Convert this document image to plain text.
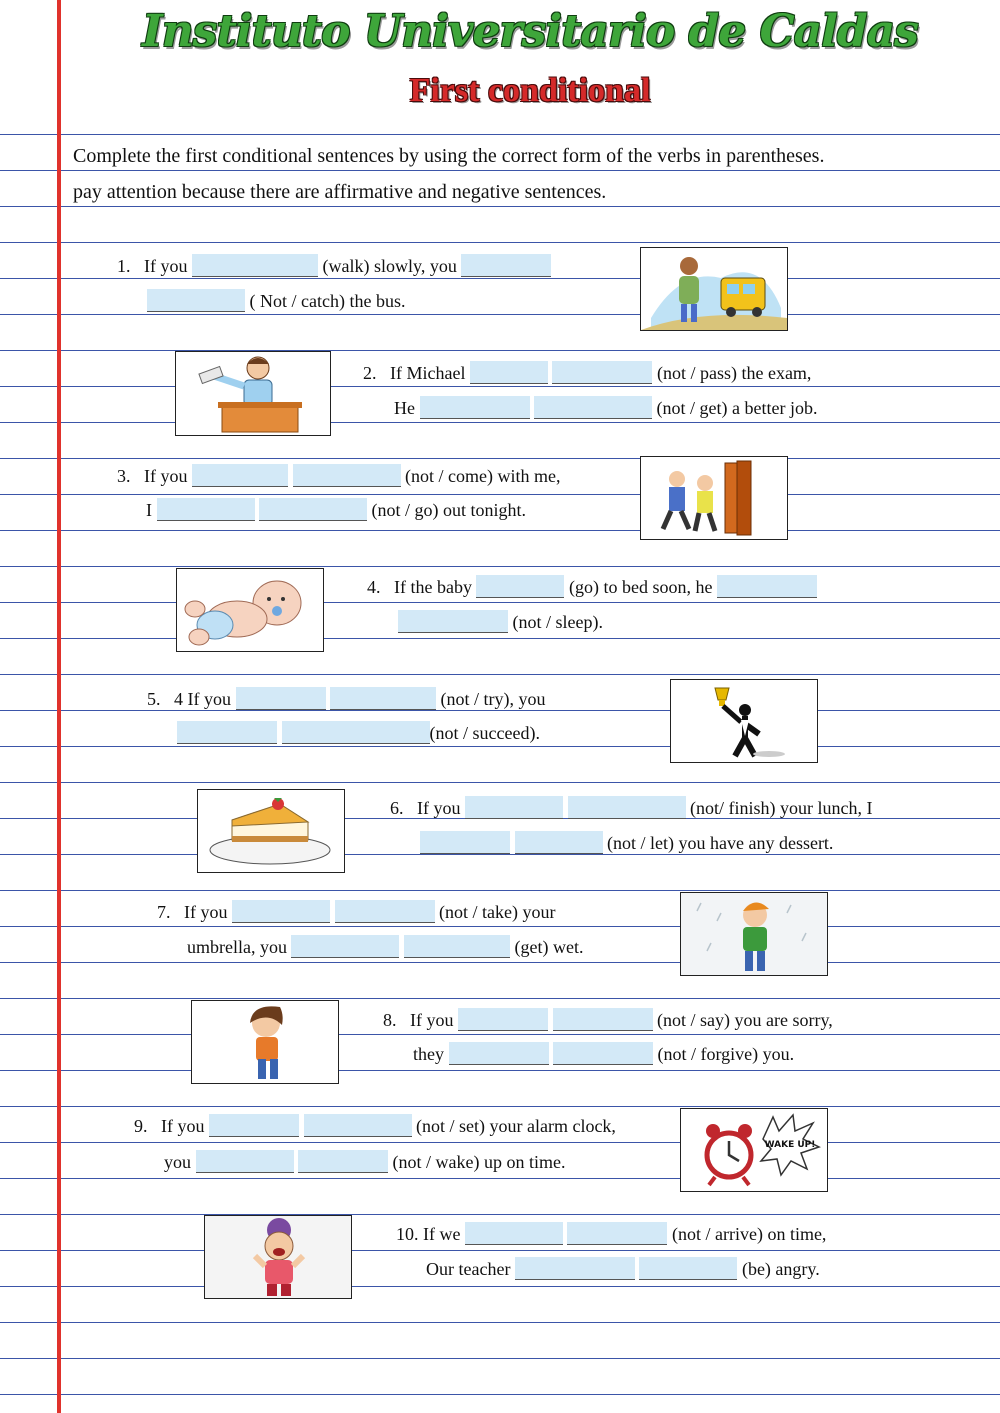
Instituto Universitario de Caldas
First conditional
Complete the first conditional sentences by using the correct form of the verbs in parentheses.
pay attention because there are affirmative and negative sentences.
1.   If you	(walk) slowly, you
( Not / catch) the bus.
2.   If Michael	(not / pass) the exam,
He	(not / get) a better job.
3.   If you	(not / come) with me,
I	(not / go) out tonight.
4.   If the baby	(go) to bed soon, he
(not / sleep).
5.   4 If you	(not / try), you
(not / succeed).
6.   If you	(not/ finish) your lunch, I
(not / let) you have any dessert.
7.   If you	(not / take) your
umbrella, you	(get) wet.
8.   If you	(not / say) you are sorry,
they	(not / forgive) you.
9.   If you	(not / set) your alarm clock,
you	(not / wake) up on time.
10. If we	(not / arrive) on time,
Our teacher	(be) angry.
WAKE UP!
